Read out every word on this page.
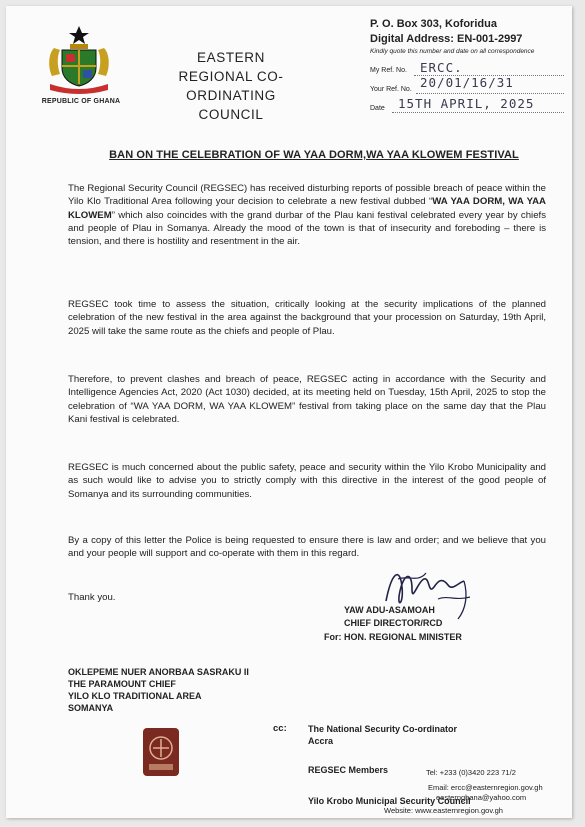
REPUBLIC OF GHANA
EASTERN
REGIONAL CO-ORDINATING
COUNCIL
P. O. Box 303, Koforidua
Digital Address: EN-001-2997
Kindly quote this number and date on all correspondence
My Ref. No. ERCC. 20/01/16/31
Your Ref. No.
Date 15TH APRIL, 2025
BAN ON THE CELEBRATION OF WA YAA DORM,WA YAA KLOWEM FESTIVAL
The Regional Security Council (REGSEC) has received disturbing reports of possible breach of peace within the Yilo Klo Traditional Area following your decision to celebrate a new festival dubbed “WA YAA DORM, WA YAA KLOWEM” which also coincides with the grand durbar of the Plau kani festival celebrated every year by chiefs and people of Plau in Somanya. Already the mood of the town is that of insecurity and foreboding – there is tension, and there is hostility and resentment in the air.
REGSEC took time to assess the situation, critically looking at the security implications of the planned celebration of the new festival in the area against the background that your procession on Saturday, 19th April, 2025 will take the same route as the chiefs and people of Plau.
Therefore, to prevent clashes and breach of peace, REGSEC acting in accordance with the Security and Intelligence Agencies Act, 2020 (Act 1030) decided, at its meeting held on Tuesday, 15th April, 2025 to stop the celebration of “WA YAA DORM, WA YAA KLOWEM” festival from taking place on the same day that the Plau Kani festival is celebrated.
REGSEC is much concerned about the public safety, peace and security within the Yilo Krobo Municipality and as such would like to advise you to strictly comply with this directive in the interest of the good people of Somanya and its surrounding communities.
By a copy of this letter the Police is being requested to ensure there is law and order; and we believe that you and your people will support and co-operate with them in this regard.
Thank you.
YAW ADU-ASAMOAH
CHIEF DIRECTOR/RCD
For: HON. REGIONAL MINISTER
OKLEPEME NUER ANORBAA SASRAKU II
THE PARAMOUNT CHIEF
YILO KLO TRADITIONAL AREA
SOMANYA
cc: The National Security Co-ordinator
Accra
REGSEC Members
Yilo Krobo Municipal Security Council
Tel: +233 (0)3420 223 71/2
Email: ercc@easternregion.gov.gh
easternghana@yahoo.com
Website: www.easternregion.gov.gh
